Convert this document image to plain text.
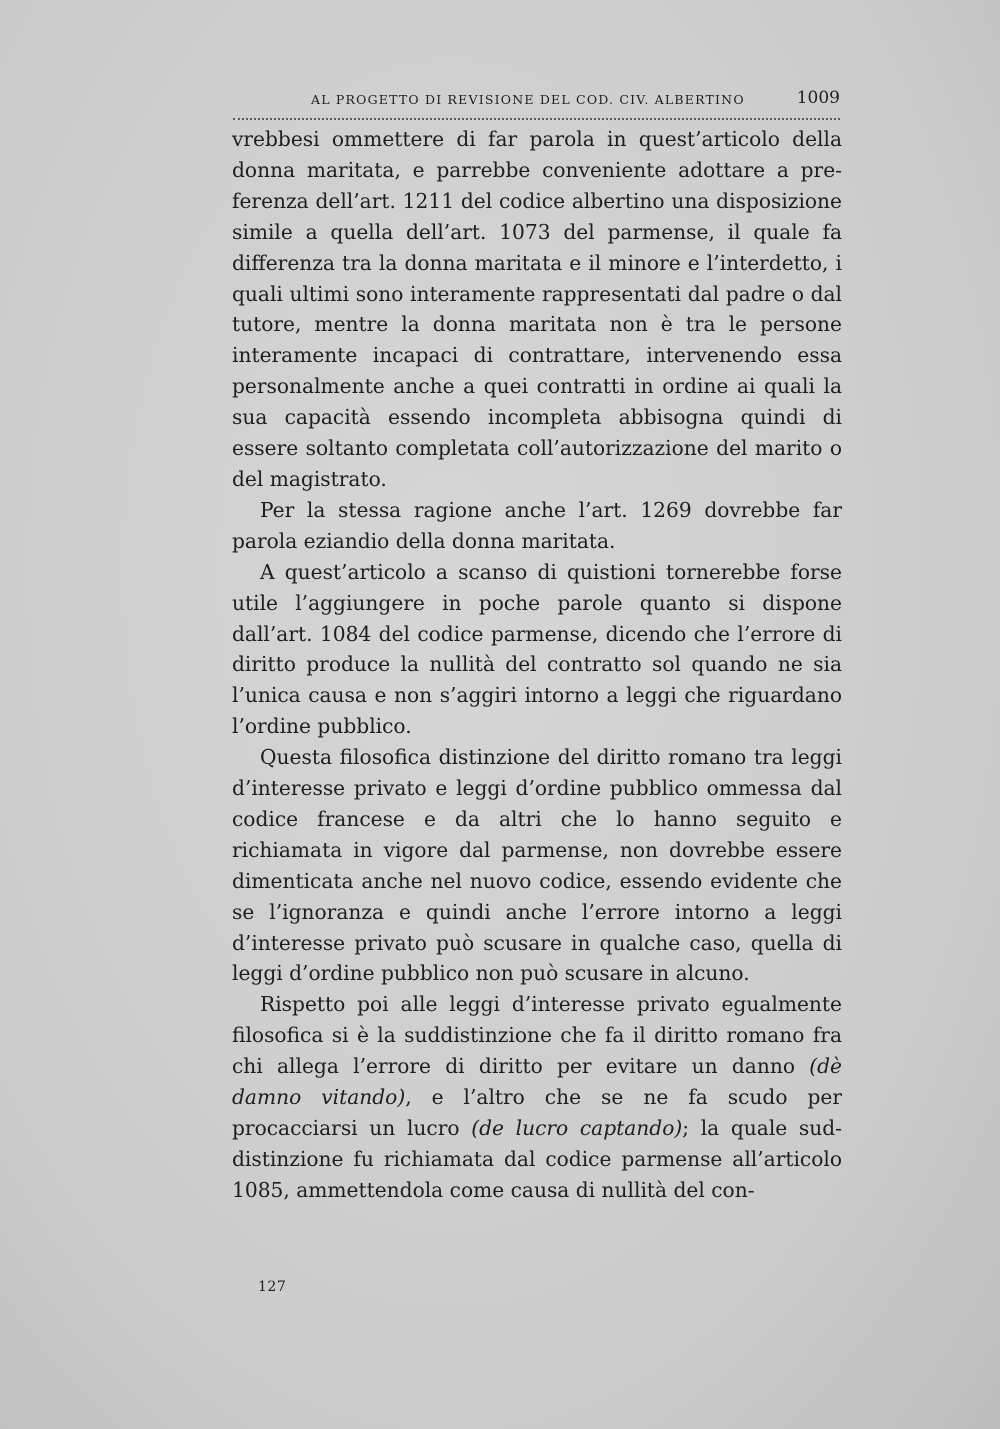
AL PROGETTO DI REVISIONE DEL COD. CIV. ALBERTINO	1009

vrebbesi ommettere di far parola in quest’articolo della donna maritata, e parrebbe conveniente adottare a preferenza dell’art. 1211 del codice albertino una disposizione simile a quella dell’art. 1073 del parmense, il quale fa differenza tra la donna maritata e il minore e l’interdetto, i quali ultimi sono interamente rappresentati dal padre o dal tutore, mentre la donna maritata non è tra le persone interamente incapaci di contrattare, intervenendo essa personalmente anche a quei contratti in ordine ai quali la sua capacità essendo incompleta abbisogna quindi di essere soltanto completata coll’autorizzazione del marito o del magistrato.

Per la stessa ragione anche l’art. 1269 dovrebbe far parola eziandio della donna maritata.

A quest’articolo a scanso di quistioni tornerebbe forse utile l’aggiungere in poche parole quanto si dispone dall’art. 1084 del codice parmense, dicendo che l’errore di diritto produce la nullità del contratto sol quando ne sia l’unica causa e non s’aggiri intorno a leggi che riguardano l’ordine pubblico.

Questa filosofica distinzione del diritto romano tra leggi d’interesse privato e leggi d’ordine pubblico ommessa dal codice francese e da altri che lo hanno seguito e richiamata in vigore dal parmense, non dovrebbe essere dimenticata anche nel nuovo codice, essendo evidente che se l’ignoranza e quindi anche l’errore intorno a leggi d’interesse privato può scusare in qualche caso, quella di leggi d’ordine pubblico non può scusare in alcuno.

Rispetto poi alle leggi d’interesse privato egualmente filosofica si è la suddistinzione che fa il diritto romano fra chi allega l’errore di diritto per evitare un danno (dè damno vitando), e l’altro che se ne fa scudo per procacciarsi un lucro (de lucro captando); la quale suddistinzione fu richiamata dal codice parmense all’articolo 1085, ammettendola come causa di nullità del con-

127
